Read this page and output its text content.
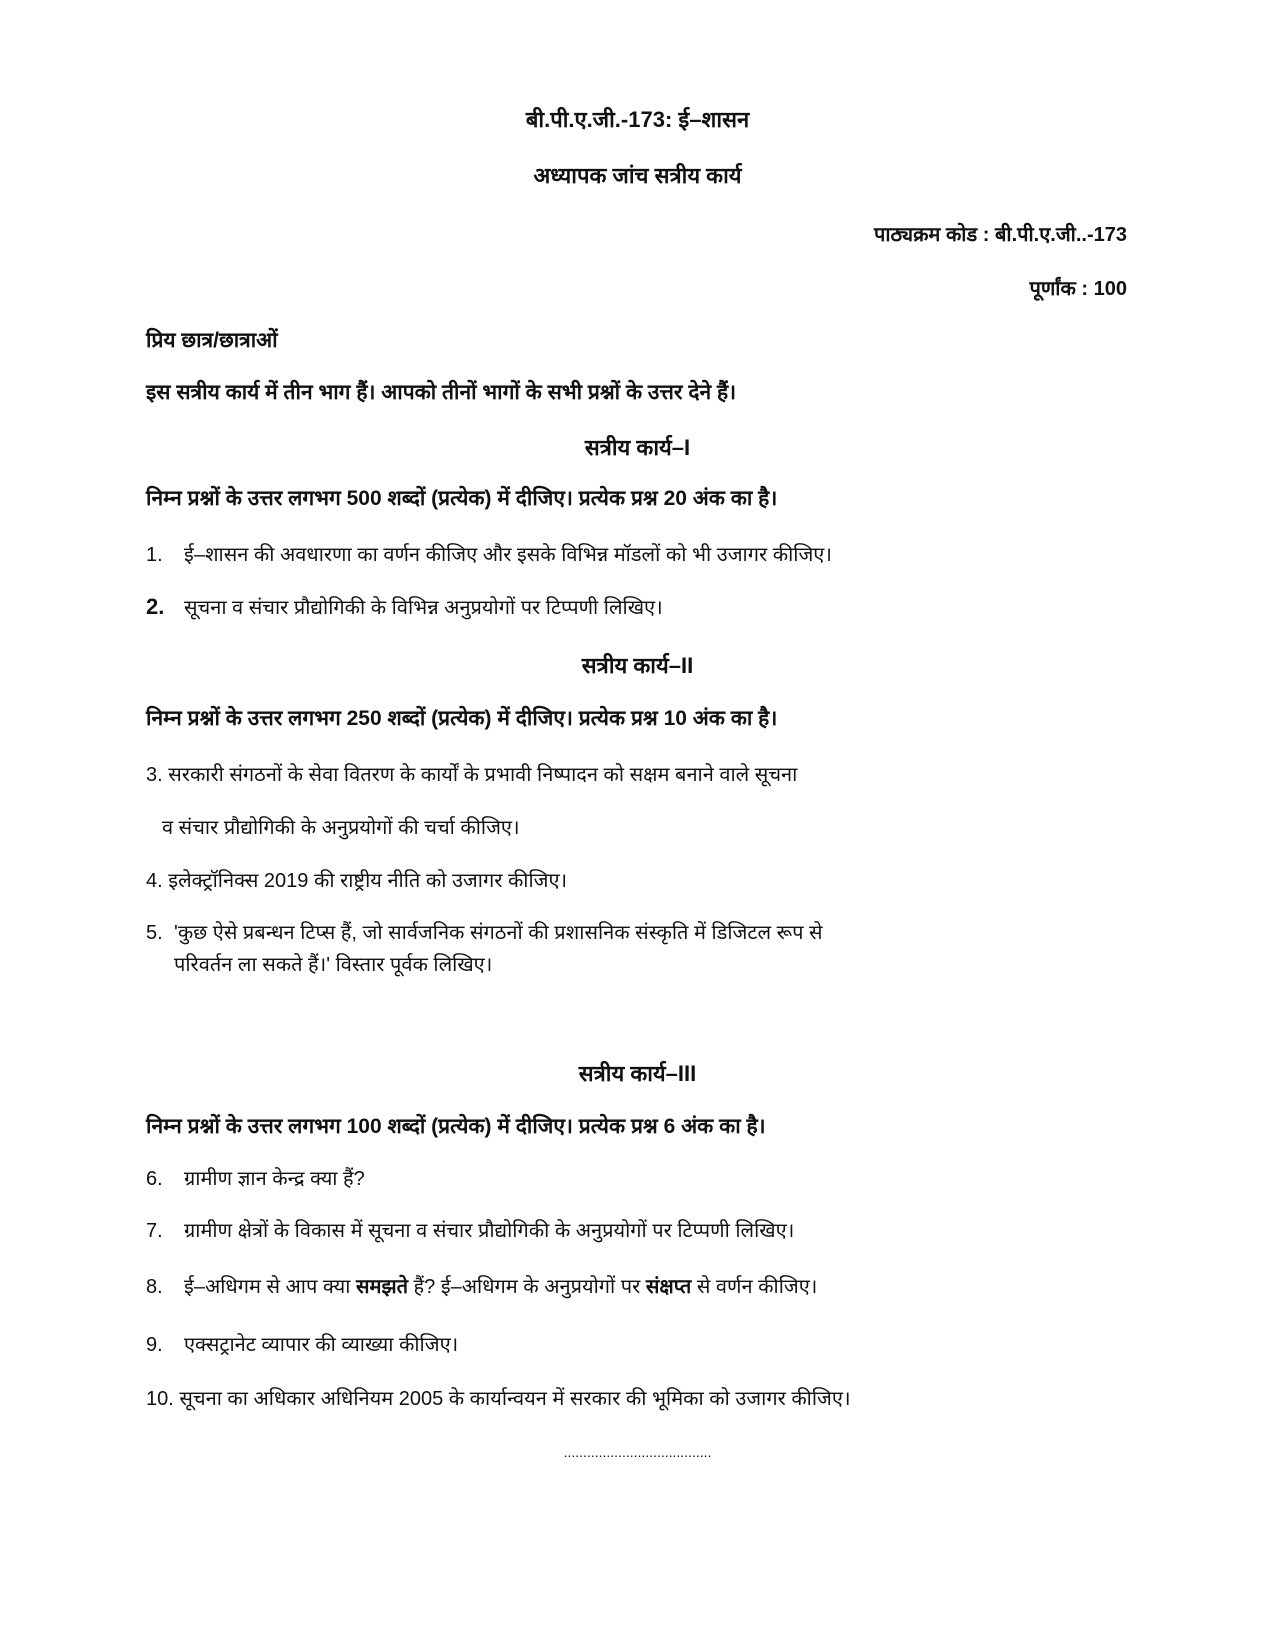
बी.पी.ए.जी.-173: ई–शासन
अध्यापक जांच सत्रीय कार्य
पाठ्यक्रम कोड : बी.पी.ए.जी..-173
पूर्णांक : 100
प्रिय छात्र/छात्राओं
इस सत्रीय कार्य में तीन भाग हैं। आपको तीनों भागों के सभी प्रश्नों के उत्तर देने हैं।
सत्रीय कार्य–I
निम्न प्रश्नों के उत्तर लगभग 500 शब्दों (प्रत्येक) में दीजिए। प्रत्येक प्रश्न 20 अंक का है।
1. ई–शासन की अवधारणा का वर्णन कीजिए और इसके विभिन्न मॉडलों को भी उजागर कीजिए।
2. सूचना व संचार प्रौद्योगिकी के विभिन्न अनुप्रयोगों पर टिप्पणी लिखिए।
सत्रीय कार्य–II
निम्न प्रश्नों के उत्तर लगभग 250 शब्दों (प्रत्येक) में दीजिए। प्रत्येक प्रश्न 10 अंक का है।
3. सरकारी संगठनों के सेवा वितरण के कार्यों के प्रभावी निष्पादन को सक्षम बनाने वाले सूचना
व संचार प्रौद्योगिकी के अनुप्रयोगों की चर्चा कीजिए।
4. इलेक्ट्रॉनिक्स 2019 की राष्ट्रीय नीति को उजागर कीजिए।
5. 'कुछ ऐसे प्रबन्धन टिप्स हैं, जो सार्वजनिक संगठनों की प्रशासनिक संस्कृति में डिजिटल रूप से
परिवर्तन ला सकते हैं।' विस्तार पूर्वक लिखिए।
सत्रीय कार्य–III
निम्न प्रश्नों के उत्तर लगभग 100 शब्दों (प्रत्येक) में दीजिए। प्रत्येक प्रश्न 6 अंक का है।
6. ग्रामीण ज्ञान केन्द्र क्या हैं?
7. ग्रामीण क्षेत्रों के विकास में सूचना व संचार प्रौद्योगिकी के अनुप्रयोगों पर टिप्पणी लिखिए।
8. ई–अधिगम से आप क्या समझते हैं? ई–अधिगम के अनुप्रयोगों पर संक्षप्त से वर्णन कीजिए।
9. एक्सट्रानेट व्यापार की व्याख्या कीजिए।
10. सूचना का अधिकार अधिनियम 2005 के कार्यान्वयन में सरकार की भूमिका को उजागर कीजिए।
......................................
